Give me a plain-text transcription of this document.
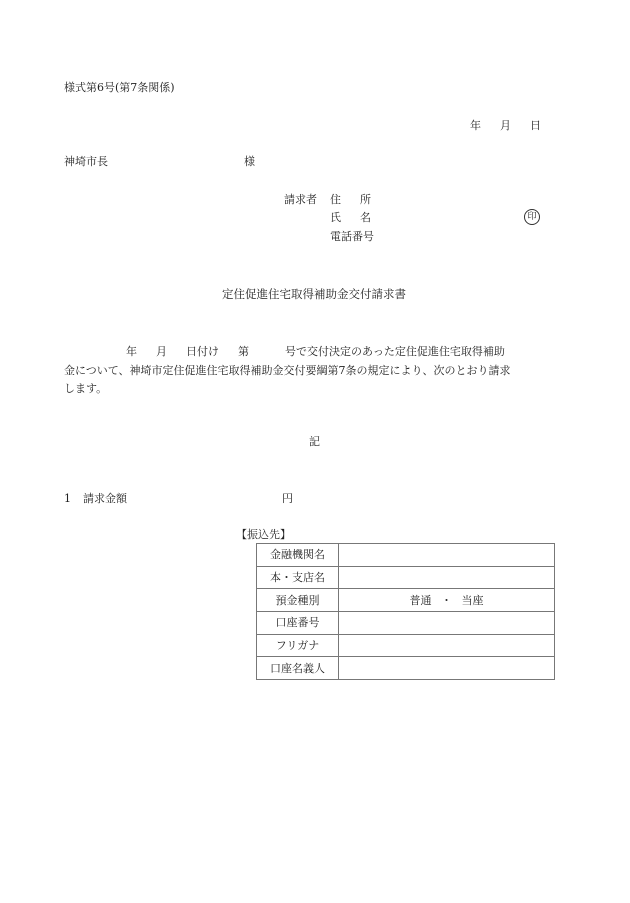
様式第6号(第7条関係)
年 月 日
神埼市長	様
請求者 住 所
氏 名
電話番号
印
定住促進住宅取得補助金交付請求書
年 月 日付け 第	号で交付決定のあった定住促進住宅取得補助
金について、神埼市定住促進住宅取得補助金交付要綱第7条の規定により、次のとおり請求
します。
記
1 請求金額	円
【振込先】
金融機関名	
本・支店名	
預金種別	普通 ・ 当座
口座番号	
フリガナ	
口座名義人	
